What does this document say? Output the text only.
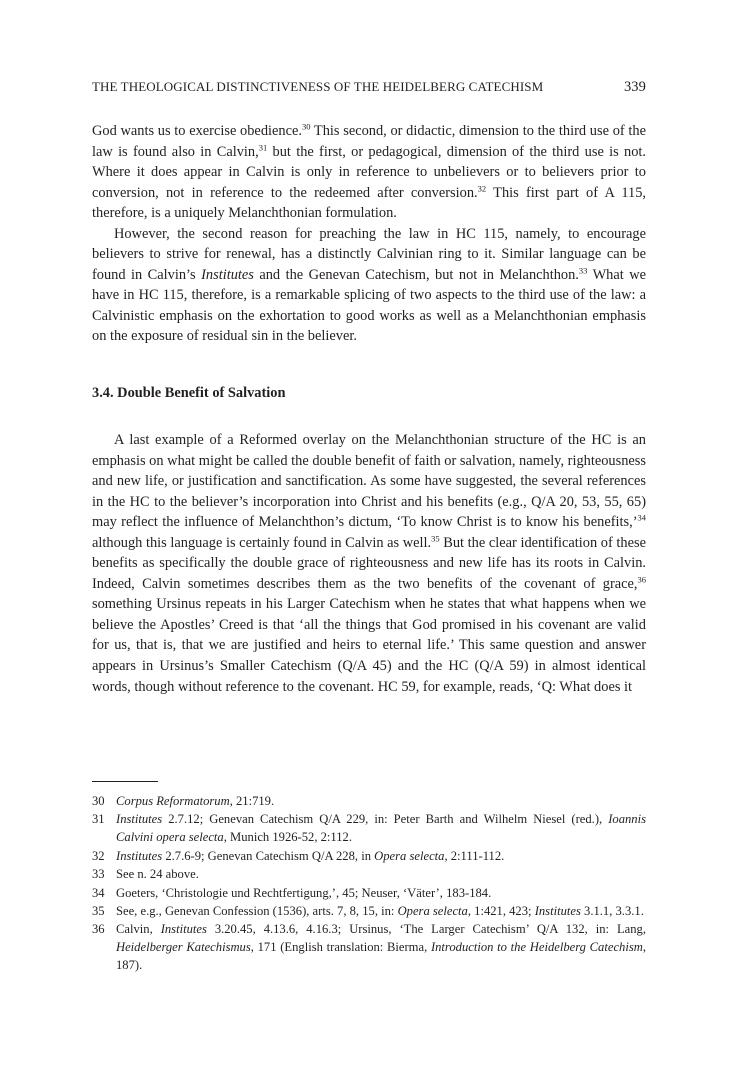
THE THEOLOGICAL DISTINCTIVENESS OF THE HEIDELBERG CATECHISM	339

God wants us to exercise obedience.$^{30}$ This second, or didactic, dimension to the third use of the law is found also in Calvin,$^{31}$ but the first, or pedagogical, dimension of the third use is not. Where it does appear in Calvin is only in reference to unbelievers or to believers prior to conversion, not in reference to the redeemed after conversion.$^{32}$ This first part of A 115, therefore, is a uniquely Melanchthonian formulation.

However, the second reason for preaching the law in HC 115, namely, to encourage believers to strive for renewal, has a distinctly Calvinian ring to it. Similar language can be found in Calvin’s Institutes and the Genevan Catechism, but not in Melanchthon.$^{33}$ What we have in HC 115, therefore, is a remarkable splicing of two aspects to the third use of the law: a Calvinistic emphasis on the exhortation to good works as well as a Melanchthonian emphasis on the exposure of residual sin in the believer.

3.4. Double Benefit of Salvation

A last example of a Reformed overlay on the Melanchthonian structure of the HC is an emphasis on what might be called the double benefit of faith or salvation, namely, righteousness and new life, or justification and sanctification. As some have suggested, the several references in the HC to the believer’s incorporation into Christ and his benefits (e.g., Q/A 20, 53, 55, 65) may reflect the influence of Melanchthon’s dictum, ‘To know Christ is to know his benefits,’$^{34}$ although this language is certainly found in Calvin as well.$^{35}$ But the clear identification of these benefits as specifically the double grace of righteousness and new life has its roots in Calvin. Indeed, Calvin sometimes describes them as the two benefits of the covenant of grace,$^{36}$ something Ursinus repeats in his Larger Catechism when he states that what happens when we believe the Apostles’ Creed is that ‘all the things that God promised in his covenant are valid for us, that is, that we are justified and heirs to eternal life.’ This same question and answer appears in Ursinus’s Smaller Catechism (Q/A 45) and the HC (Q/A 59) in almost identical words, though without reference to the covenant. HC 59, for example, reads, ‘Q: What does it

30 Corpus Reformatorum, 21:719.
31 Institutes 2.7.12; Genevan Catechism Q/A 229, in: Peter Barth and Wilhelm Niesel (red.), Ioannis Calvini opera selecta, Munich 1926-52, 2:112.
32 Institutes 2.7.6-9; Genevan Catechism Q/A 228, in Opera selecta, 2:111-112.
33 See n. 24 above.
34 Goeters, ‘Christologie und Rechtfertigung,’, 45; Neuser, ‘Väter’, 183-184.
35 See, e.g., Genevan Confession (1536), arts. 7, 8, 15, in: Opera selecta, 1:421, 423; Institutes 3.1.1, 3.3.1.
36 Calvin, Institutes 3.20.45, 4.13.6, 4.16.3; Ursinus, ‘The Larger Catechism’ Q/A 132, in: Lang, Heidelberger Katechismus, 171 (English translation: Bierma, Introduction to the Heidelberg Catechism, 187).
